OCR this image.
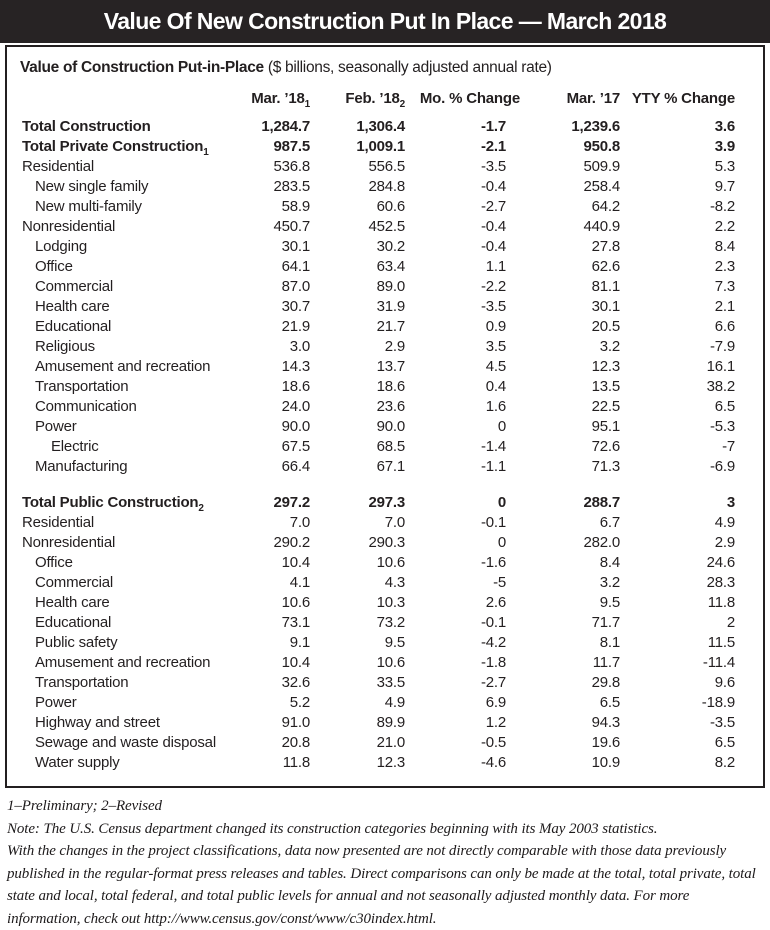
Value Of New Construction Put In Place — March 2018

Value of Construction Put-in-Place ($ billions, seasonally adjusted annual rate)

	Mar. $’18_1$	Feb. $’18_2$	Mo. % Change	Mar. ’17	YTY % Change
Total Construction	1,284.7	1,306.4	-1.7	1,239.6	3.6
Total Private Construction$_1$	987.5	1,009.1	-2.1	950.8	3.9
Residential	536.8	556.5	-3.5	509.9	5.3
New single family	283.5	284.8	-0.4	258.4	9.7
New multi-family	58.9	60.6	-2.7	64.2	-8.2
Nonresidential	450.7	452.5	-0.4	440.9	2.2
Lodging	30.1	30.2	-0.4	27.8	8.4
Office	64.1	63.4	1.1	62.6	2.3
Commercial	87.0	89.0	-2.2	81.1	7.3
Health care	30.7	31.9	-3.5	30.1	2.1
Educational	21.9	21.7	0.9	20.5	6.6
Religious	3.0	2.9	3.5	3.2	-7.9
Amusement and recreation	14.3	13.7	4.5	12.3	16.1
Transportation	18.6	18.6	0.4	13.5	38.2
Communication	24.0	23.6	1.6	22.5	6.5
Power	90.0	90.0	0	95.1	-5.3
Electric	67.5	68.5	-1.4	72.6	-7
Manufacturing	66.4	67.1	-1.1	71.3	-6.9
Total Public Construction$_2$	297.2	297.3	0	288.7	3
Residential	7.0	7.0	-0.1	6.7	4.9
Nonresidential	290.2	290.3	0	282.0	2.9
Office	10.4	10.6	-1.6	8.4	24.6
Commercial	4.1	4.3	-5	3.2	28.3
Health care	10.6	10.3	2.6	9.5	11.8
Educational	73.1	73.2	-0.1	71.7	2
Public safety	9.1	9.5	-4.2	8.1	11.5
Amusement and recreation	10.4	10.6	-1.8	11.7	-11.4
Transportation	32.6	33.5	-2.7	29.8	9.6
Power	5.2	4.9	6.9	6.5	-18.9
Highway and street	91.0	89.9	1.2	94.3	-3.5
Sewage and waste disposal	20.8	21.0	-0.5	19.6	6.5
Water supply	11.8	12.3	-4.6	10.9	8.2

1–Preliminary; 2–Revised

Note: The U.S. Census department changed its construction categories beginning with its May 2003 statistics.

With the changes in the project classifications, data now presented are not directly comparable with those data previously published in the regular-format press releases and tables. Direct comparisons can only be made at the total, total private, total state and local, total federal, and total public levels for annual and not seasonally adjusted monthly data. For more information, check out http://www.census.gov/const/www/c30index.html.
